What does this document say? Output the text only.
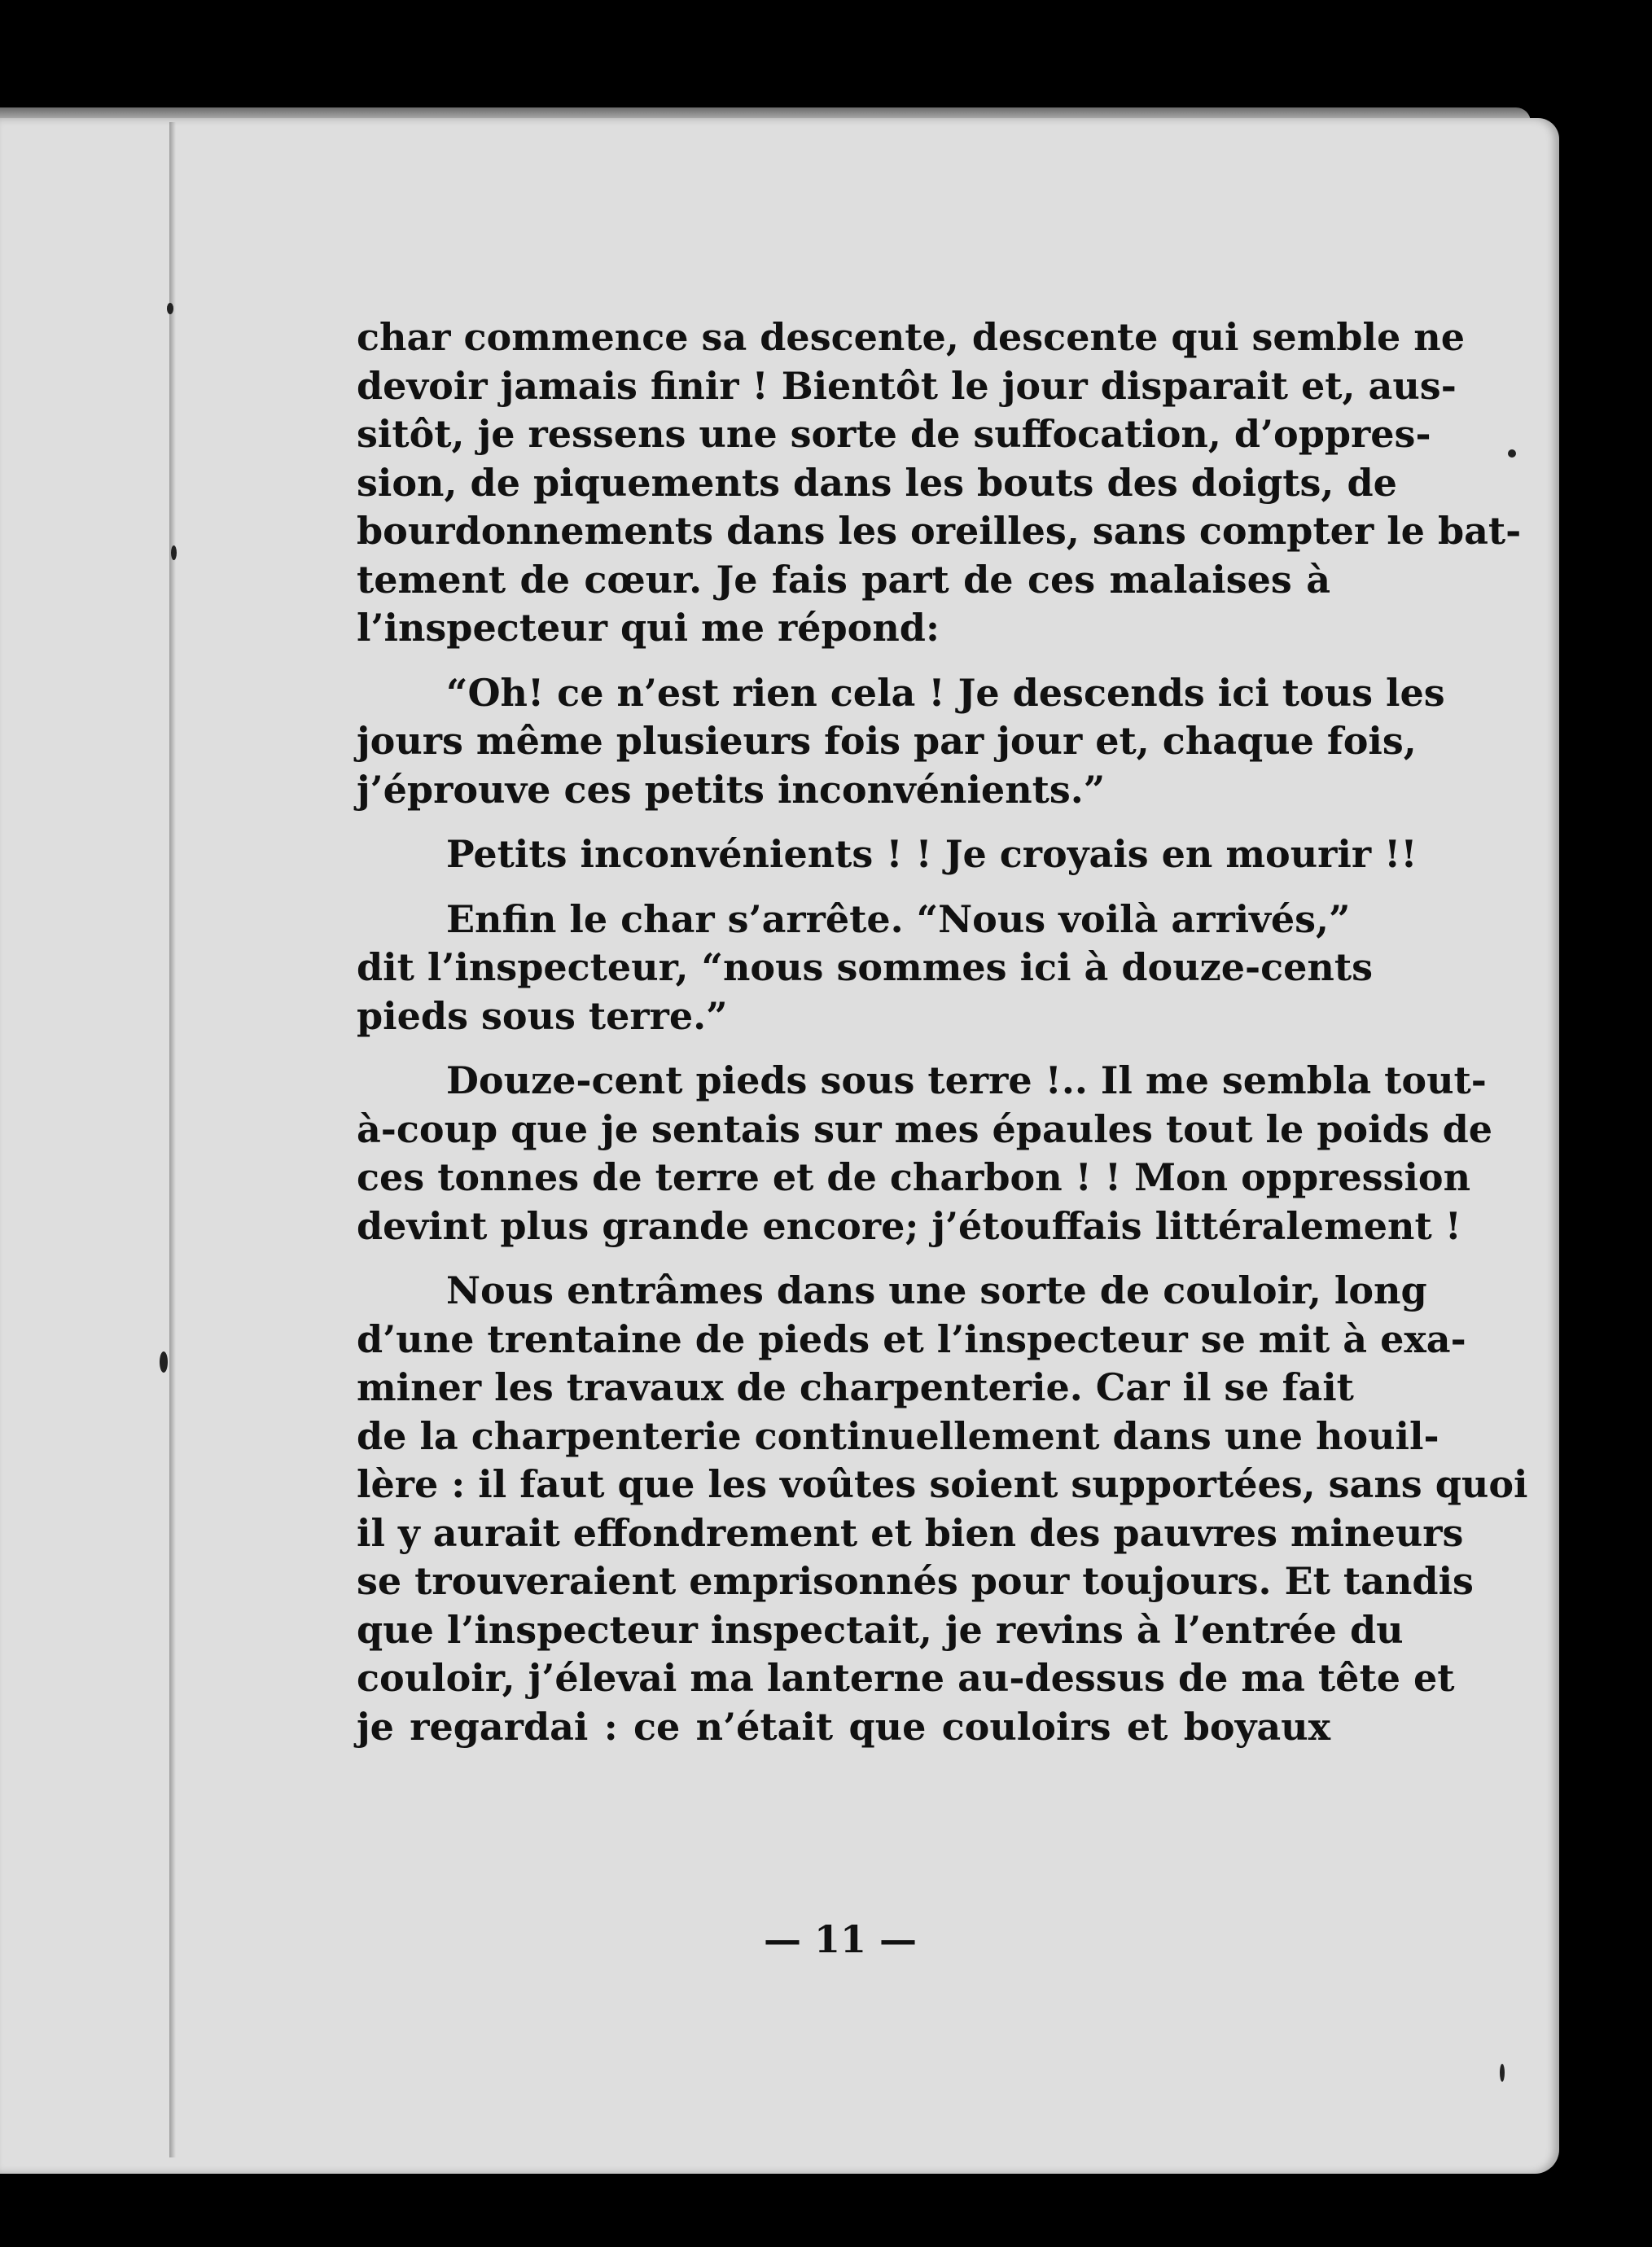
char commence sa descente, descente qui semble ne
devoir jamais finir ! Bientôt le jour disparait et, aus-
sitôt, je ressens une sorte de suffocation, d’oppres-
sion, de piquements dans les bouts des doigts, de
bourdonnements dans les oreilles, sans compter le bat-
tement de cœur. Je fais part de ces malaises à
l’inspecteur qui me répond:
“Oh! ce n’est rien cela ! Je descends ici tous les
jours même plusieurs fois par jour et, chaque fois,
j’éprouve ces petits inconvénients.”
Petits inconvénients ! ! Je croyais en mourir !!
Enfin le char s’arrête. “Nous voilà arrivés,”
dit l’inspecteur, “nous sommes ici à douze-cents
pieds sous terre.”
Douze-cent pieds sous terre !.. Il me sembla tout-
à-coup que je sentais sur mes épaules tout le poids de
ces tonnes de terre et de charbon ! ! Mon oppression
devint plus grande encore; j’étouffais littéralement !
Nous entrâmes dans une sorte de couloir, long
d’une trentaine de pieds et l’inspecteur se mit à exa-
miner les travaux de charpenterie. Car il se fait
de la charpenterie continuellement dans une houil-
lère : il faut que les voûtes soient supportées, sans quoi
il y aurait effondrement et bien des pauvres mineurs
se trouveraient emprisonnés pour toujours. Et tandis
que l’inspecteur inspectait, je revins à l’entrée du
couloir, j’élevai ma lanterne au-dessus de ma tête et
je regardai : ce n’était que couloirs et boyaux
— 11 —
